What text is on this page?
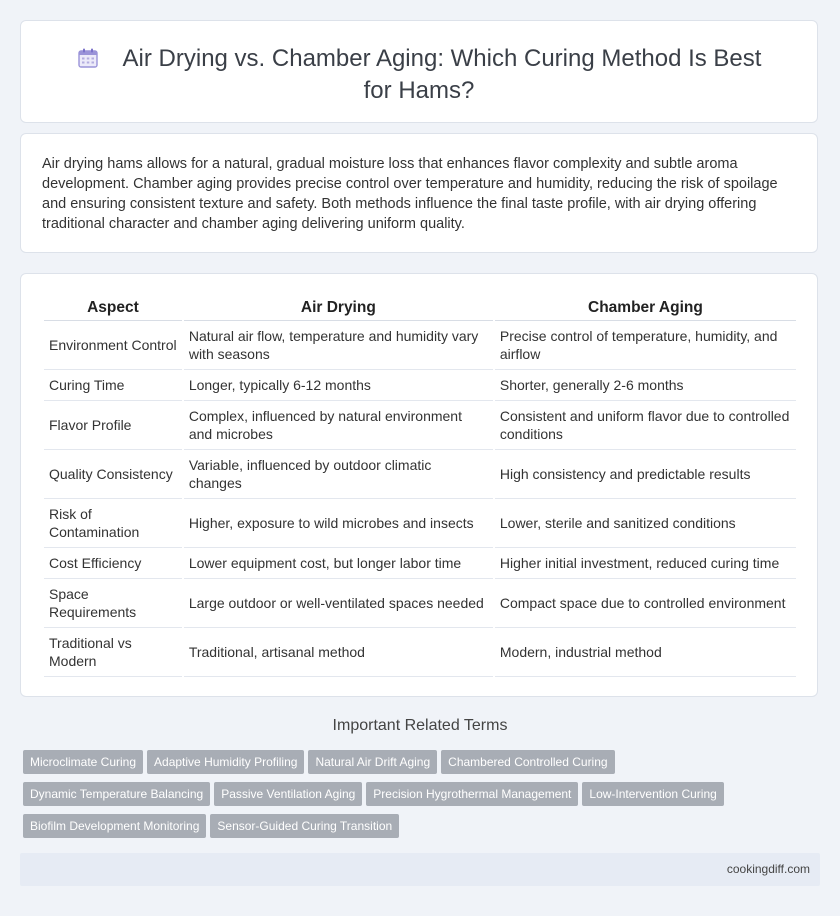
Air Drying vs. Chamber Aging: Which Curing Method Is Best for Hams?

Air drying hams allows for a natural, gradual moisture loss that enhances flavor complexity and subtle aroma development. Chamber aging provides precise control over temperature and humidity, reducing the risk of spoilage and ensuring consistent texture and safety. Both methods influence the final taste profile, with air drying offering traditional character and chamber aging delivering uniform quality.

Aspect	Air Drying	Chamber Aging
Environment Control	Natural air flow, temperature and humidity vary with seasons	Precise control of temperature, humidity, and airflow
Curing Time	Longer, typically 6-12 months	Shorter, generally 2-6 months
Flavor Profile	Complex, influenced by natural environment and microbes	Consistent and uniform flavor due to controlled conditions
Quality Consistency	Variable, influenced by outdoor climatic changes	High consistency and predictable results
Risk of Contamination	Higher, exposure to wild microbes and insects	Lower, sterile and sanitized conditions
Cost Efficiency	Lower equipment cost, but longer labor time	Higher initial investment, reduced curing time
Space Requirements	Large outdoor or well-ventilated spaces needed	Compact space due to controlled environment
Traditional vs Modern	Traditional, artisanal method	Modern, industrial method
Important Related Terms
Microclimate Curing Adaptive Humidity Profiling Natural Air Drift Aging Chambered Controlled Curing
Dynamic Temperature Balancing Passive Ventilation Aging Precision Hygrothermal Management Low-Intervention Curing
Biofilm Development Monitoring Sensor-Guided Curing Transition
cookingdiff.com
